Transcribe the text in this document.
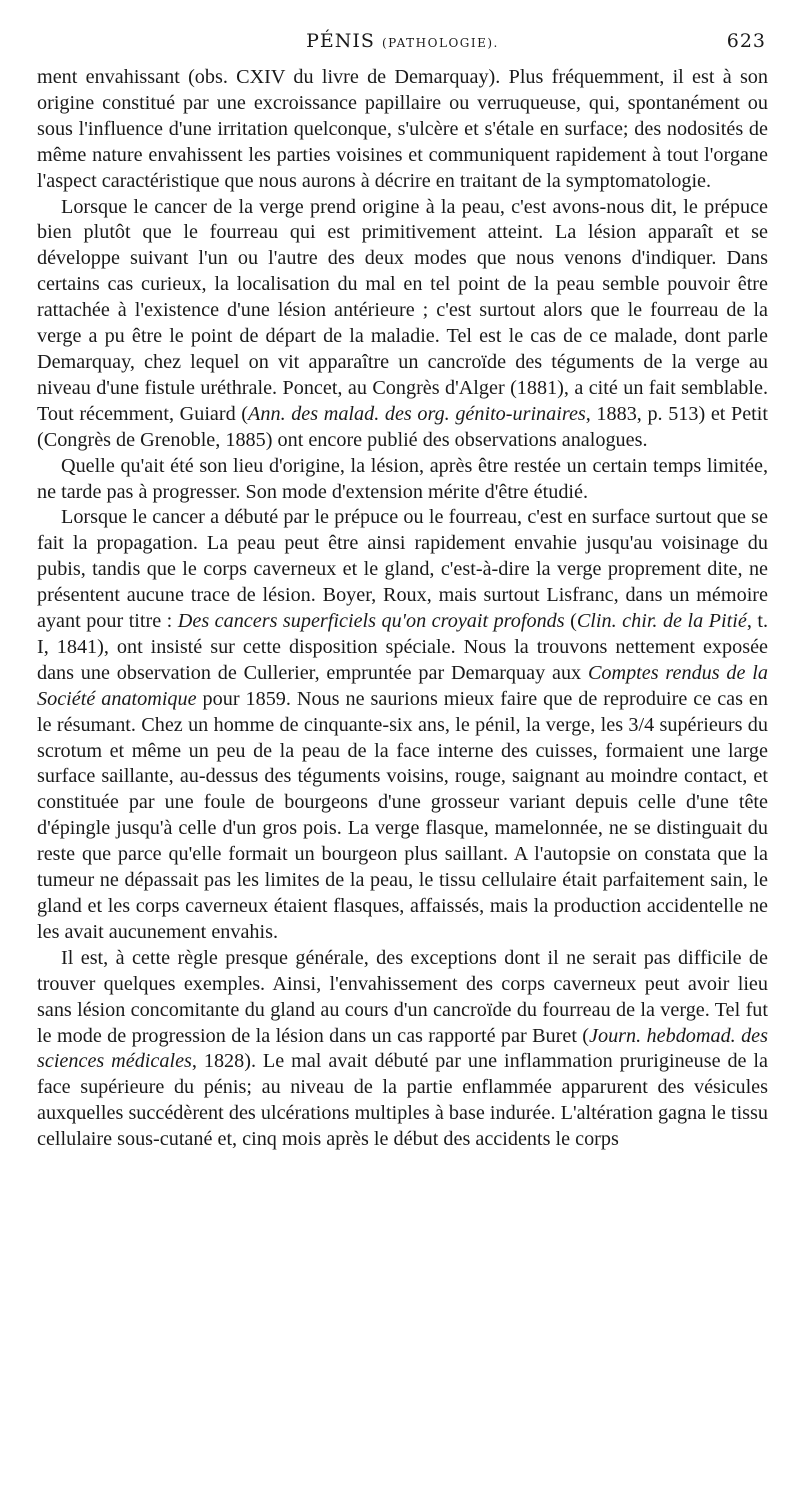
PÉNIS (PATHOLOGIE).	623

ment envahissant (obs. CXIV du livre de Demarquay). Plus fréquemment, il est à son origine constitué par une excroissance papillaire ou verruqueuse, qui, spontanément ou sous l'influence d'une irritation quelconque, s'ulcère et s'étale en surface; des nodosités de même nature envahissent les parties voisines et communiquent rapidement à tout l'organe l'aspect caractéristique que nous aurons à décrire en traitant de la symptomatologie.

Lorsque le cancer de la verge prend origine à la peau, c'est avons-nous dit, le prépuce bien plutôt que le fourreau qui est primitivement atteint. La lésion apparaît et se développe suivant l'un ou l'autre des deux modes que nous venons d'indiquer. Dans certains cas curieux, la localisation du mal en tel point de la peau semble pouvoir être rattachée à l'existence d'une lésion antérieure ; c'est surtout alors que le fourreau de la verge a pu être le point de départ de la maladie. Tel est le cas de ce malade, dont parle Demarquay, chez lequel on vit apparaître un cancroïde des téguments de la verge au niveau d'une fistule uréthrale. Poncet, au Congrès d'Alger (1881), a cité un fait semblable. Tout récemment, Guiard (Ann. des malad. des org. génito-urinaires, 1883, p. 513) et Petit (Congrès de Grenoble, 1885) ont encore publié des observations analogues.

Quelle qu'ait été son lieu d'origine, la lésion, après être restée un certain temps limitée, ne tarde pas à progresser. Son mode d'extension mérite d'être étudié.

Lorsque le cancer a débuté par le prépuce ou le fourreau, c'est en surface surtout que se fait la propagation. La peau peut être ainsi rapidement envahie jusqu'au voisinage du pubis, tandis que le corps caverneux et le gland, c'est-à-dire la verge proprement dite, ne présentent aucune trace de lésion. Boyer, Roux, mais surtout Lisfranc, dans un mémoire ayant pour titre : Des cancers superficiels qu'on croyait profonds (Clin. chir. de la Pitié, t. I, 1841), ont insisté sur cette disposition spéciale. Nous la trouvons nettement exposée dans une observation de Cullerier, empruntée par Demarquay aux Comptes rendus de la Société anatomique pour 1859. Nous ne saurions mieux faire que de reproduire ce cas en le résumant. Chez un homme de cinquante-six ans, le pénil, la verge, les 3/4 supérieurs du scrotum et même un peu de la peau de la face interne des cuisses, formaient une large surface saillante, au-dessus des téguments voisins, rouge, saignant au moindre contact, et constituée par une foule de bourgeons d'une grosseur variant depuis celle d'une tête d'épingle jusqu'à celle d'un gros pois. La verge flasque, mamelonnée, ne se distinguait du reste que parce qu'elle formait un bourgeon plus saillant. A l'autopsie on constata que la tumeur ne dépassait pas les limites de la peau, le tissu cellulaire était parfaitement sain, le gland et les corps caverneux étaient flasques, affaissés, mais la production accidentelle ne les avait aucunement envahis.

Il est, à cette règle presque générale, des exceptions dont il ne serait pas difficile de trouver quelques exemples. Ainsi, l'envahissement des corps caverneux peut avoir lieu sans lésion concomitante du gland au cours d'un cancroïde du fourreau de la verge. Tel fut le mode de progression de la lésion dans un cas rapporté par Buret (Journ. hebdomad. des sciences médicales, 1828). Le mal avait débuté par une inflammation prurigineuse de la face supérieure du pénis; au niveau de la partie enflammée apparurent des vésicules auxquelles succédèrent des ulcérations multiples à base indurée. L'altération gagna le tissu cellulaire sous-cutané et, cinq mois après le début des accidents le corps
